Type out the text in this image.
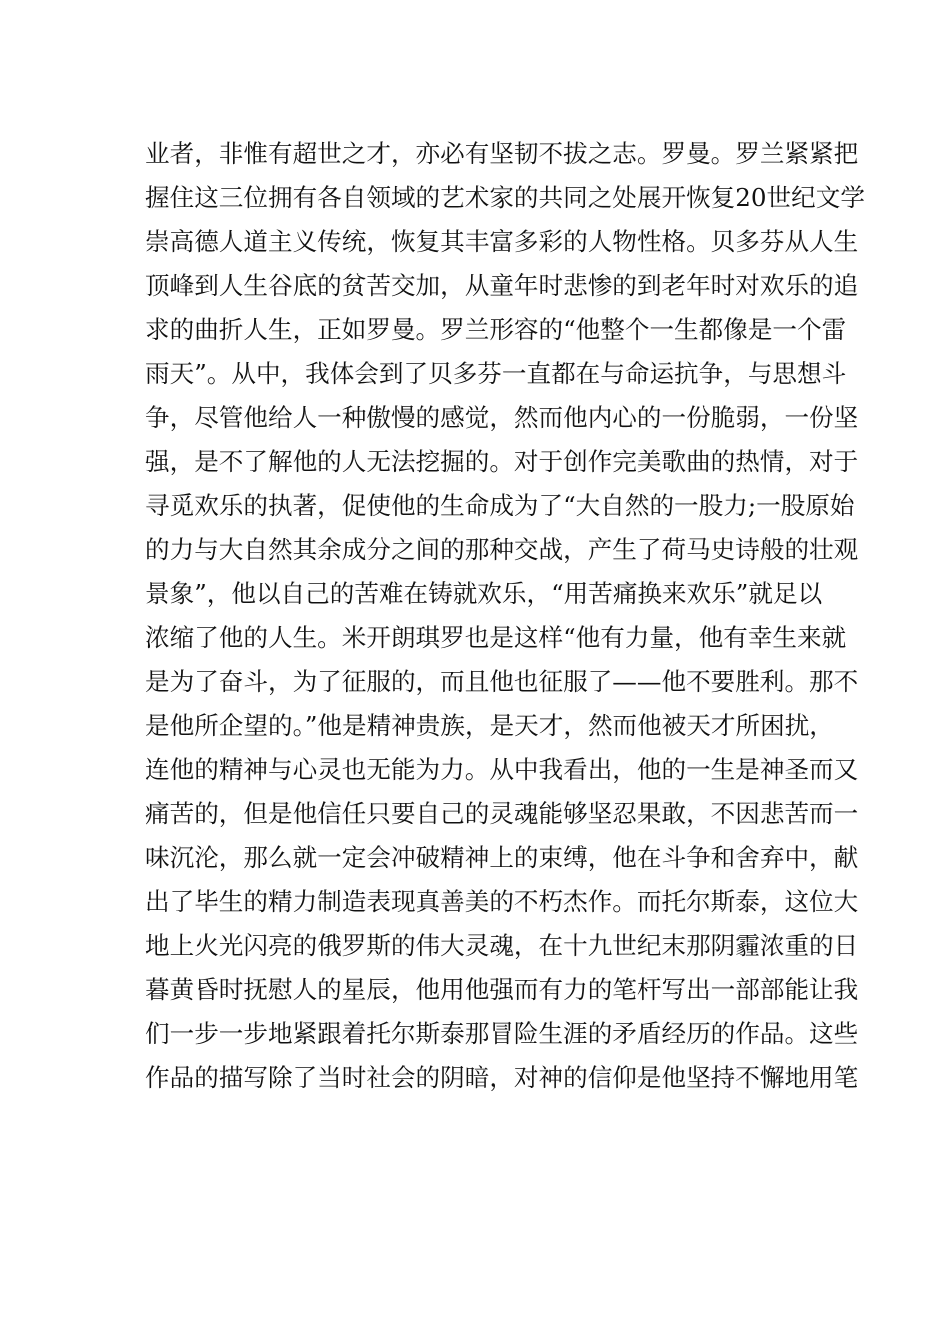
业者，非惟有超世之才，亦必有坚韧不拔之志。罗曼。罗兰紧紧把
握住这三位拥有各自领域的艺术家的共同之处展开恢复20世纪文学
崇高德人道主义传统，恢复其丰富多彩的人物性格。贝多芬从人生
顶峰到人生谷底的贫苦交加，从童年时悲惨的到老年时对欢乐的追
求的曲折人生，正如罗曼。罗兰形容的“他整个一生都像是一个雷
雨天”。从中，我体会到了贝多芬一直都在与命运抗争，与思想斗
争，尽管他给人一种傲慢的感觉，然而他内心的一份脆弱，一份坚
强，是不了解他的人无法挖掘的。对于创作完美歌曲的热情，对于
寻觅欢乐的执著，促使他的生命成为了“大自然的一股力;一股原始
的力与大自然其余成分之间的那种交战，产生了荷马史诗般的壮观
景象”，他以自己的苦难在铸就欢乐，“用苦痛换来欢乐”就足以
浓缩了他的人生。米开朗琪罗也是这样“他有力量，他有幸生来就
是为了奋斗，为了征服的，而且他也征服了——他不要胜利。那不
是他所企望的。”他是精神贵族，是天才，然而他被天才所困扰，
连他的精神与心灵也无能为力。从中我看出，他的一生是神圣而又
痛苦的，但是他信任只要自己的灵魂能够坚忍果敢，不因悲苦而一
味沉沦，那么就一定会冲破精神上的束缚，他在斗争和舍弃中，献
出了毕生的精力制造表现真善美的不朽杰作。而托尔斯泰，这位大
地上火光闪亮的俄罗斯的伟大灵魂，在十九世纪末那阴霾浓重的日
暮黄昏时抚慰人的星辰，他用他强而有力的笔杆写出一部部能让我
们一步一步地紧跟着托尔斯泰那冒险生涯的矛盾经历的作品。这些
作品的描写除了当时社会的阴暗，对神的信仰是他坚持不懈地用笔
